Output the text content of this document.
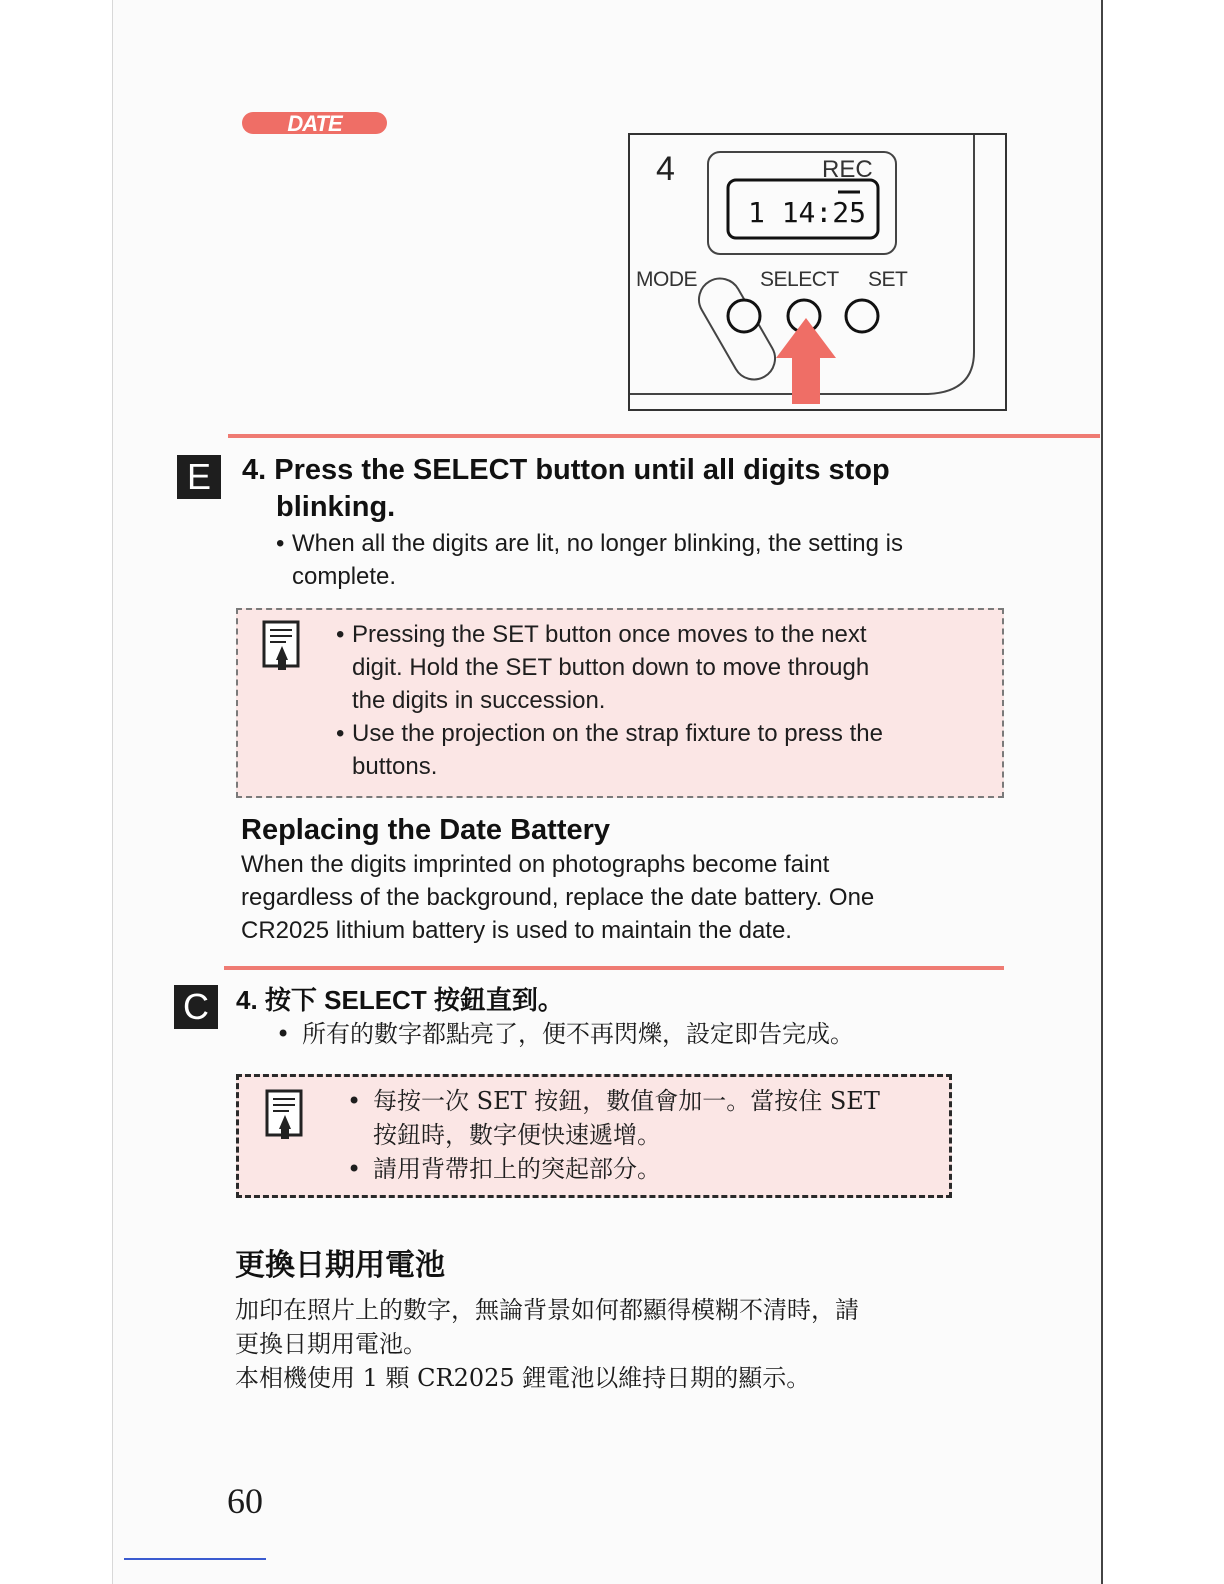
DATE
4	REC
1 14:25
MODE	SELECT SET
E	4. Press the SELECT button until all digits stop
blinking.
• When all the digits are lit, no longer blinking, the setting is
complete.
• Pressing the SET button once moves to the next
digit. Hold the SET button down to move through
the digits in succession.
• Use the projection on the strap fixture to press the
buttons.
Replacing the Date Battery
When the digits imprinted on photographs become faint
regardless of the background, replace the date battery. One
CR2025 lithium battery is used to maintain the date.
C	4. 按下 SELECT 按鈕直到。
• 所有的數字都點亮了，便不再閃爍，設定即告完成。
• 每按一次 SET 按鈕，數值會加一。當按住 SET
按鈕時，數字便快速遞增。
• 請用背帶扣上的突起部分。
更換日期用電池
加印在照片上的數字，無論背景如何都顯得模糊不清時，請
更換日期用電池。
本相機使用 1 顆 CR2025 鋰電池以維持日期的顯示。
60
